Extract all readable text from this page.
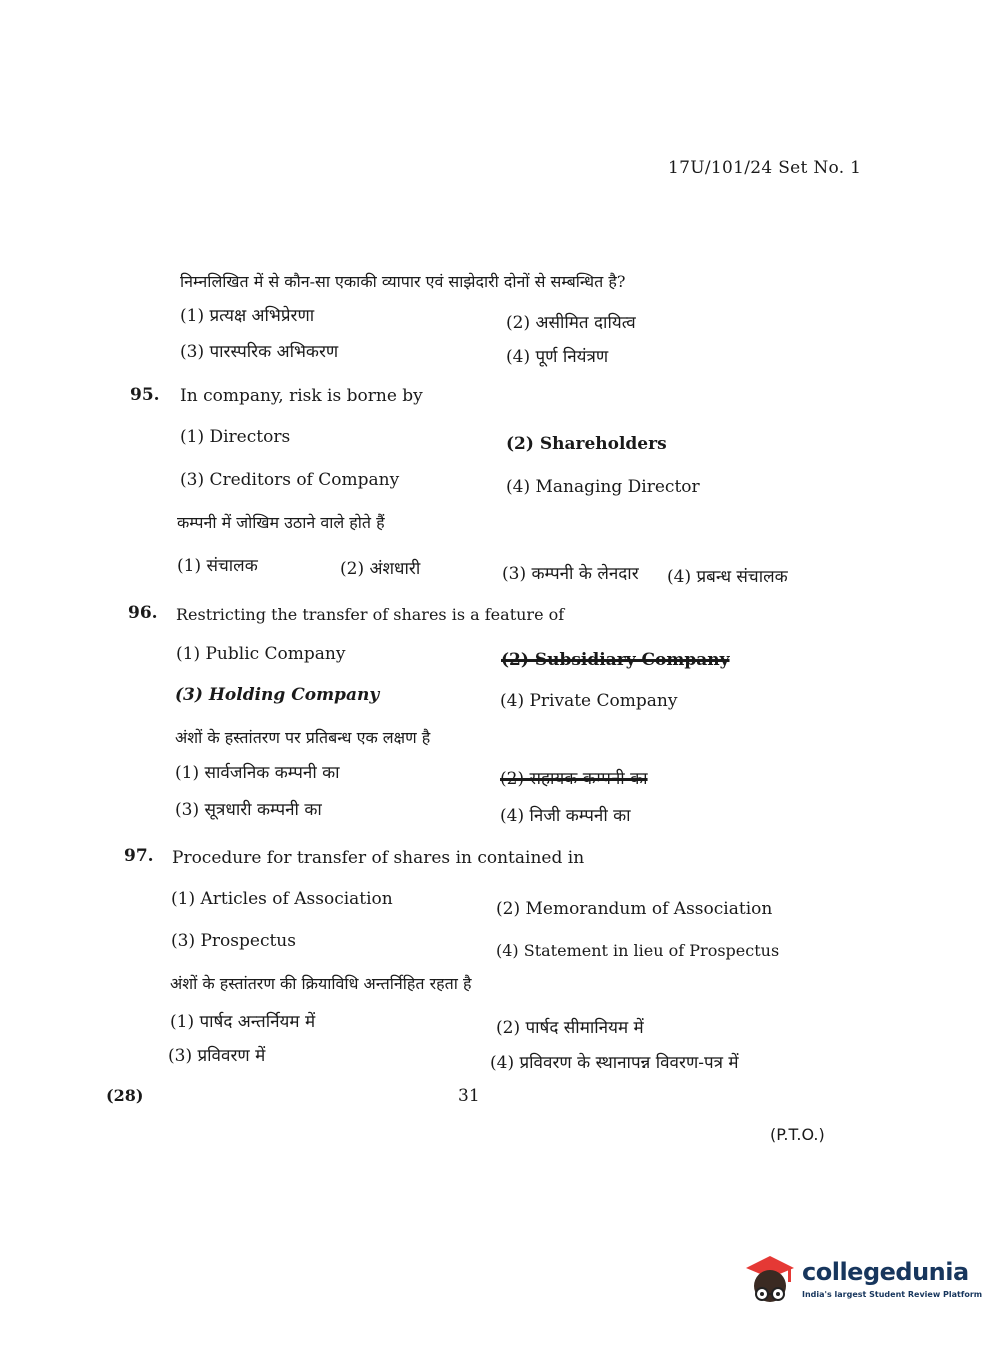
17U/101/24 Set No. 1
निम्नलिखित में से कौन-सा एकाकी व्यापार एवं साझेदारी दोनों से सम्बन्धित है?
(1) प्रत्यक्ष अभिप्रेरणा	(2) असीमित दायित्व
(3) पारस्परिक अभिकरण	(4) पूर्ण नियंत्रण
95. In company, risk is borne by
(1) Directors	(2) Shareholders
(3) Creditors of Company	(4) Managing Director
कम्पनी में जोखिम उठाने वाले होते हैं
(1) संचालक	(2) अंशधारी	(3) कम्पनी के लेनदार (4) प्रबन्ध संचालक
96. Restricting the transfer of shares is a feature of
(1) Public Company	(2) Subsidiary Company
(3) Holding Company	(4) Private Company
अंशों के हस्तांतरण पर प्रतिबन्ध एक लक्षण है
(1) सार्वजनिक कम्पनी का	(2) सहायक कम्पनी का
(3) सूत्रधारी कम्पनी का	(4) निजी कम्पनी का
97. Procedure for transfer of shares in contained in
(1) Articles of Association	(2) Memorandum of Association
(3) Prospectus	(4) Statement in lieu of Prospectus
अंशों के हस्तांतरण की क्रियाविधि अन्तर्निहित रहता है
(1) पार्षद अन्तर्नियम में	(2) पार्षद सीमानियम में
(3) प्रविवरण में	(4) प्रविवरण के स्थानापन्न विवरण-पत्र में
(28)	31
(P.T.O.)
collegedunia
India's largest Student Review Platform
